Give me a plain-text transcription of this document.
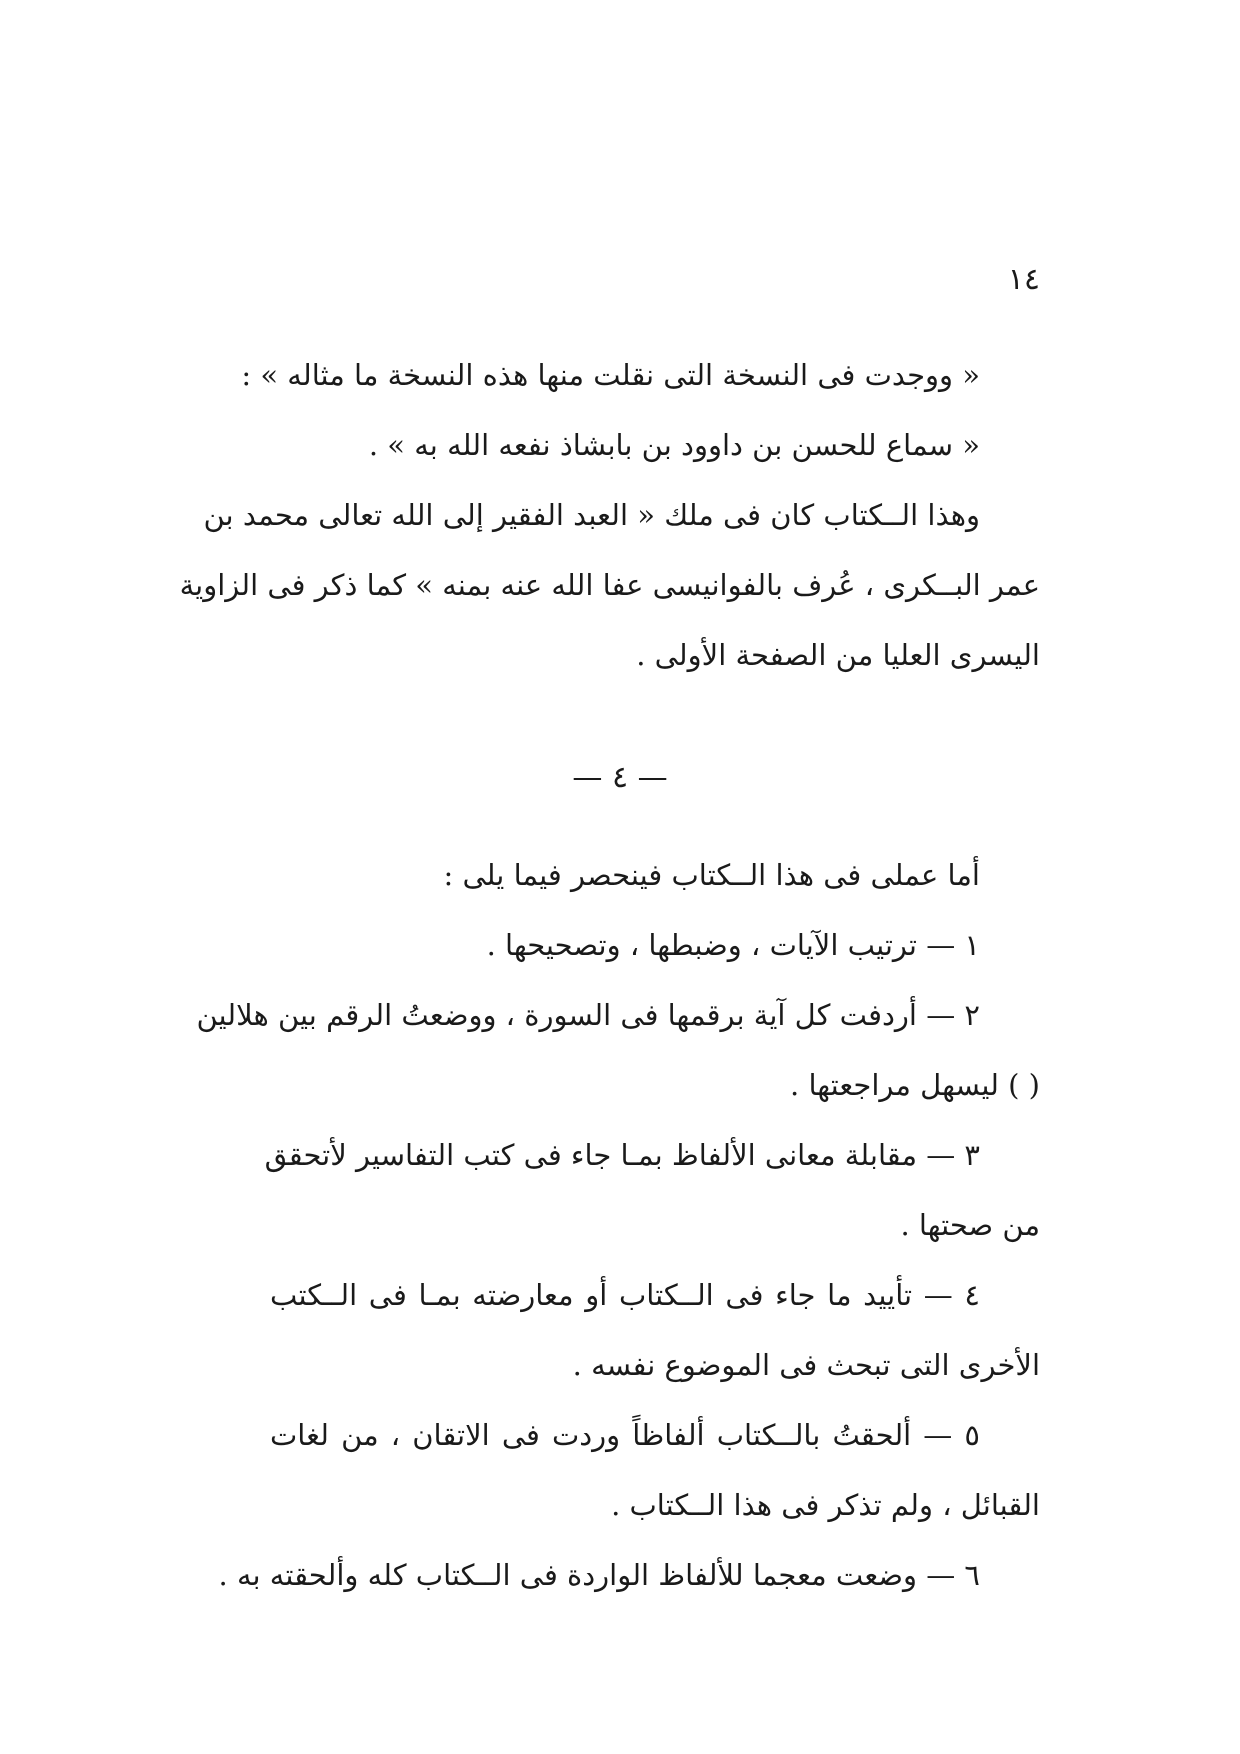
١٤
« ووجدت فى النسخة التى نقلت منها هذه النسخة ما مثاله » :
« سماع للحسن بن داوود بن بابشاذ نفعه الله به » .
وهذا الــكتاب كان فى ملك « العبد الفقير إلى الله تعالى محمد بن
عمر البــكرى ، عُرف بالفوانيسى عفا الله عنه بمنه » كما ذكر فى الزاوية
اليسرى العليا من الصفحة الأولى .
— ٤ —
أما عملى فى هذا الــكتاب فينحصر فيما يلى :
١ — ترتيب الآيات ، وضبطها ، وتصحيحها .
٢ — أردفت كل آية برقمها فى السورة ، ووضعتُ الرقم بين هلالين
( ) ليسهل مراجعتها .
٣ — مقابلة معانى الألفاظ بمـا جاء فى كتب التفاسير لأتحقق
من صحتها .
٤ — تأييد ما جاء فى الــكتاب أو معارضته بمـا فى الــكتب
الأخرى التى تبحث فى الموضوع نفسه .
٥ — ألحقتُ بالــكتاب ألفاظاً وردت فى الاتقان ، من لغات
القبائل ، ولم تذكر فى هذا الــكتاب .
٦ — وضعت معجما للألفاظ الواردة فى الــكتاب كله وألحقته به .
